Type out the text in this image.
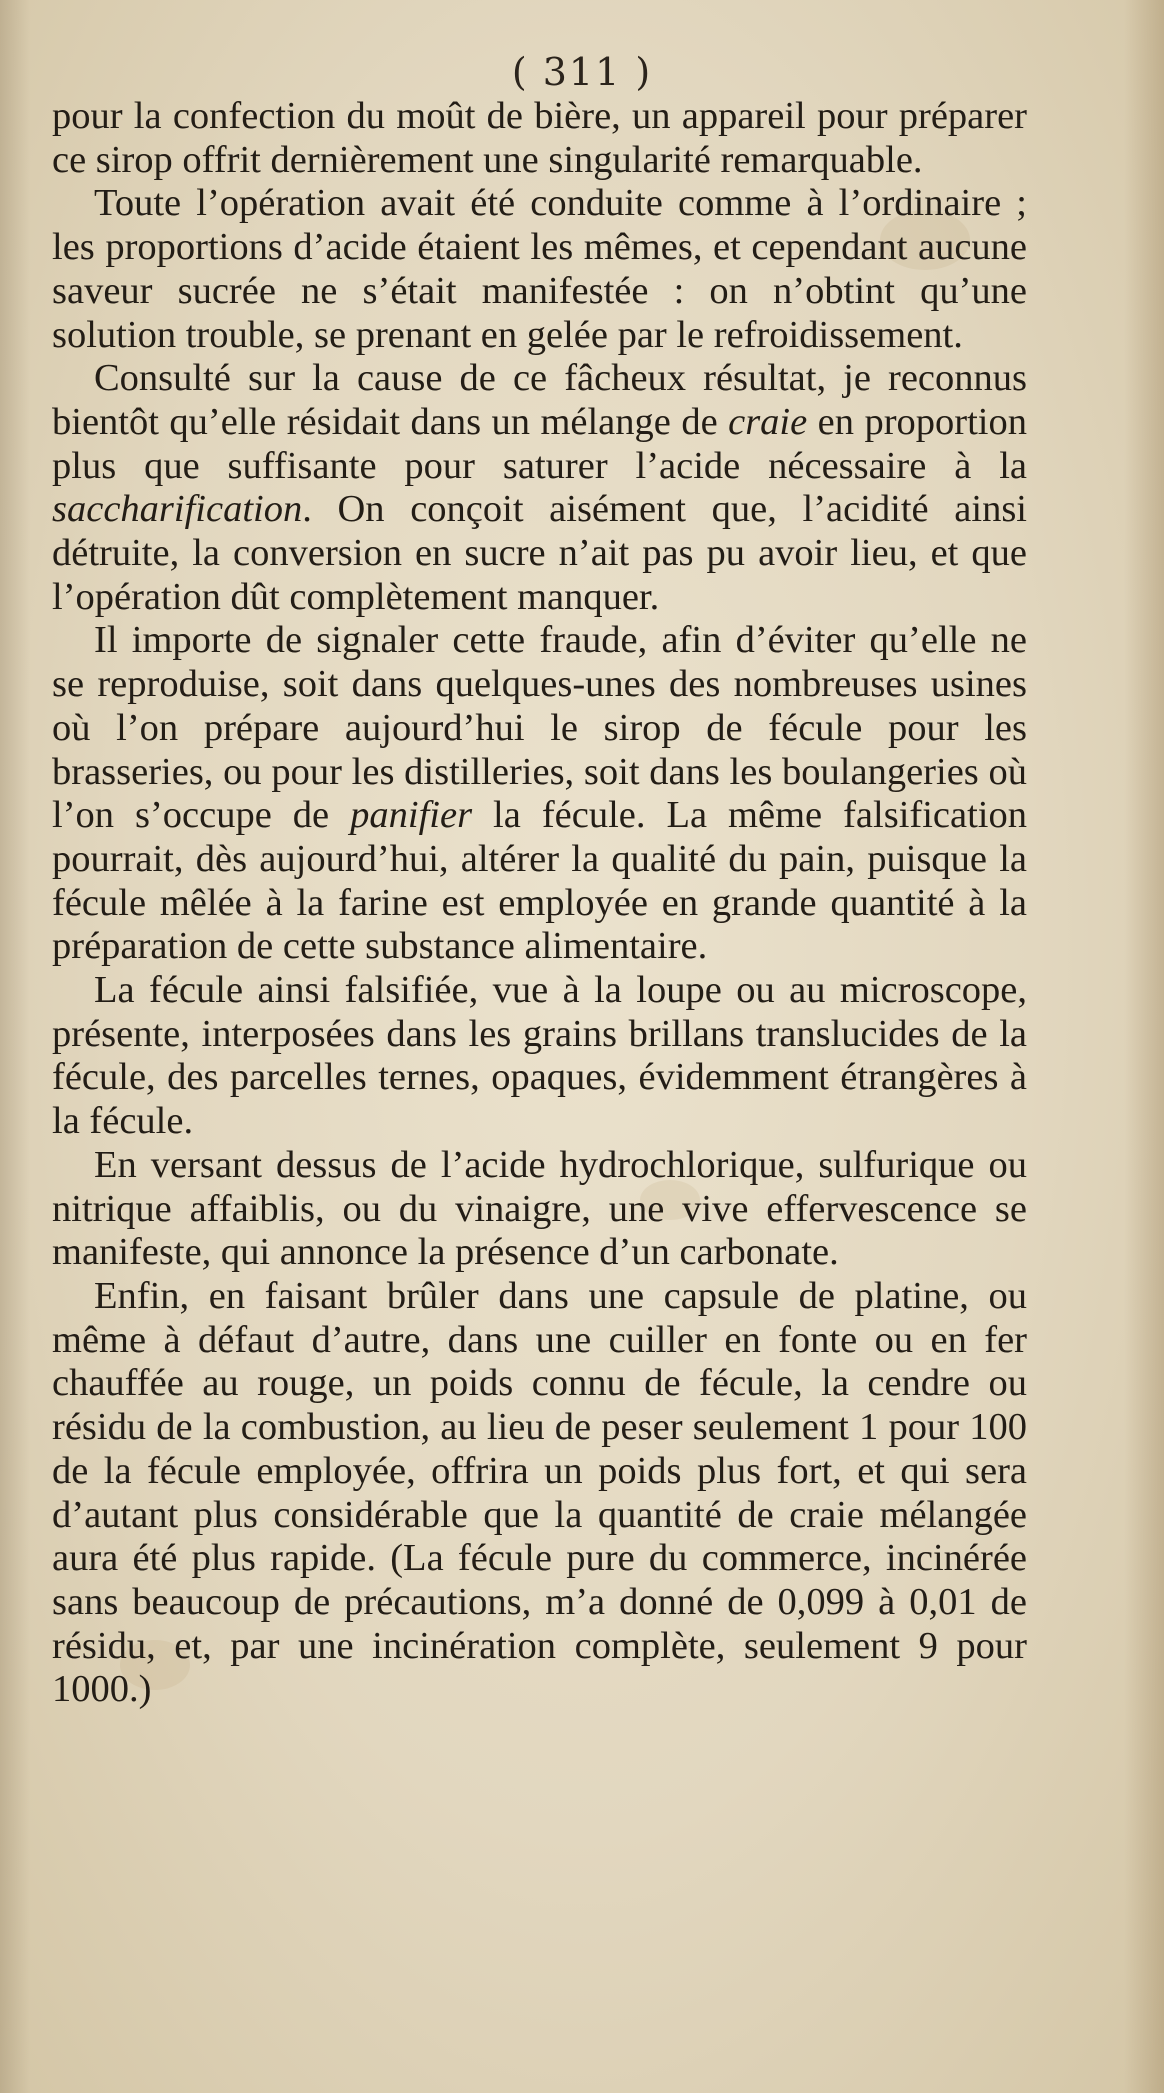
( 311 )

pour la confection du moût de bière, un appareil pour préparer ce sirop offrit dernièrement une singularité remarquable.

Toute l’opération avait été conduite comme à l’ordinaire ; les proportions d’acide étaient les mêmes, et cependant aucune saveur sucrée ne s’était manifestée : on n’obtint qu’une solution trouble, se prenant en gelée par le refroidissement.

Consulté sur la cause de ce fâcheux résultat, je reconnus bientôt qu’elle résidait dans un mélange de craie en proportion plus que suffisante pour saturer l’acide nécessaire à la saccharification. On conçoit aisément que, l’acidité ainsi détruite, la conversion en sucre n’ait pas pu avoir lieu, et que l’opération dût complètement manquer.

Il importe de signaler cette fraude, afin d’éviter qu’elle ne se reproduise, soit dans quelques-unes des nombreuses usines où l’on prépare aujourd’hui le sirop de fécule pour les brasseries, ou pour les distilleries, soit dans les boulangeries où l’on s’occupe de panifier la fécule. La même falsification pourrait, dès aujourd’hui, altérer la qualité du pain, puisque la fécule mêlée à la farine est employée en grande quantité à la préparation de cette substance alimentaire.

La fécule ainsi falsifiée, vue à la loupe ou au microscope, présente, interposées dans les grains brillans translucides de la fécule, des parcelles ternes, opaques, évidemment étrangères à la fécule.

En versant dessus de l’acide hydrochlorique, sulfurique ou nitrique affaiblis, ou du vinaigre, une vive effervescence se manifeste, qui annonce la présence d’un carbonate.

Enfin, en faisant brûler dans une capsule de platine, ou même à défaut d’autre, dans une cuiller en fonte ou en fer chauffée au rouge, un poids connu de fécule, la cendre ou résidu de la combustion, au lieu de peser seulement 1 pour 100 de la fécule employée, offrira un poids plus fort, et qui sera d’autant plus considérable que la quantité de craie mélangée aura été plus rapide. (La fécule pure du commerce, incinérée sans beaucoup de précautions, m’a donné de 0,099 à 0,01 de résidu, et, par une incinération complète, seulement 9 pour 1000.)
